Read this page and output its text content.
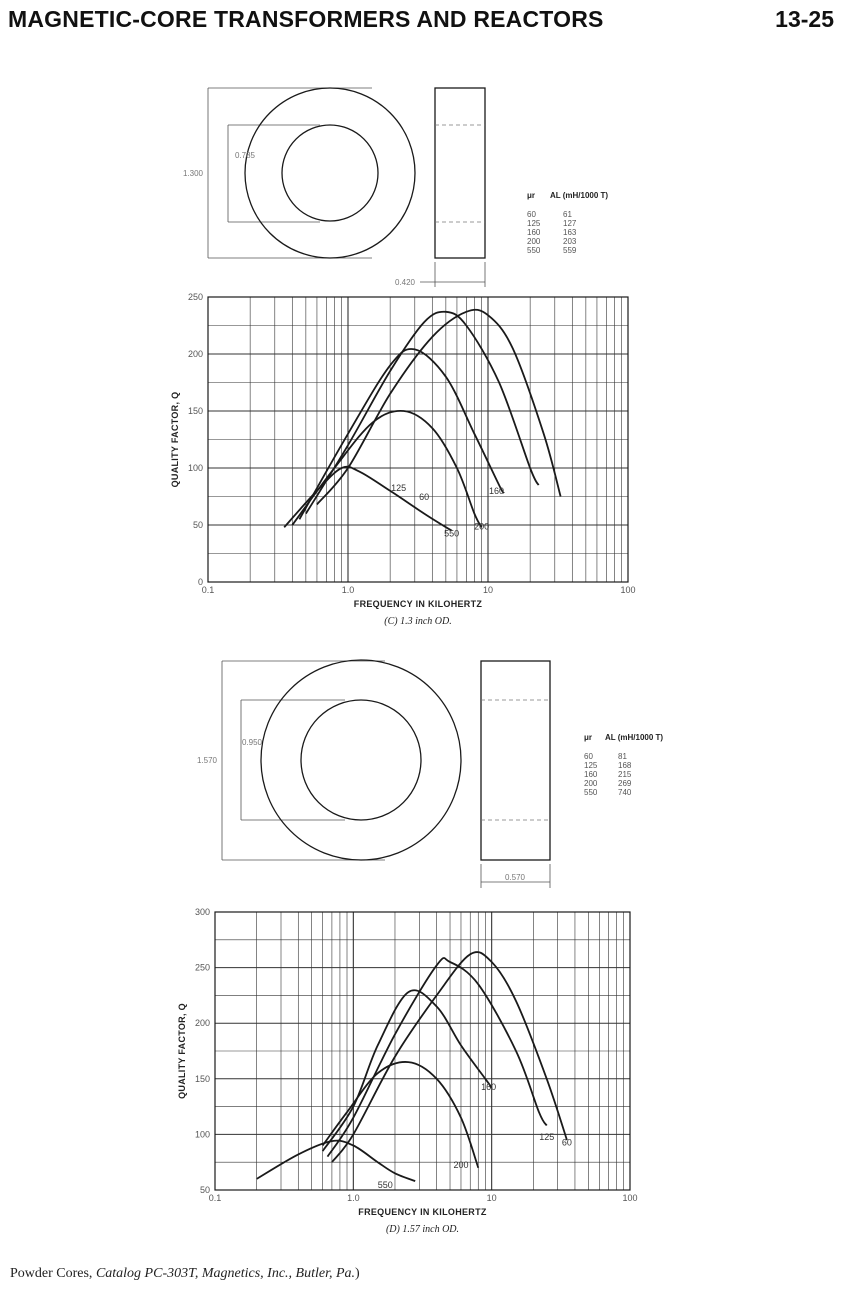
MAGNETIC-CORE TRANSFORMERS AND REACTORS	13-25
1.300
0.785
0.420
μr AL (mH/1000 T)
60	61
125	127
160	163
200	203
550	559
0.1	1.0	10	100
0
50
100
150
200
250
60
125	160
200
550
FREQUENCY IN KILOHERTZ
QUALITY FACTOR, Q
(C) 1.3 inch OD.
1.570
0.950
0.570
μr AL (mH/1000 T)
60	81
125	168
160	215
200	269
550	740
0.1	1.0	10	100
50
100
150
200
250
300
60
125
160
200
550
FREQUENCY IN KILOHERTZ
QUALITY FACTOR, Q
(D) 1.57 inch OD.
Powder Cores, Catalog PC-303T, Magnetics, Inc., Butler, Pa.)
